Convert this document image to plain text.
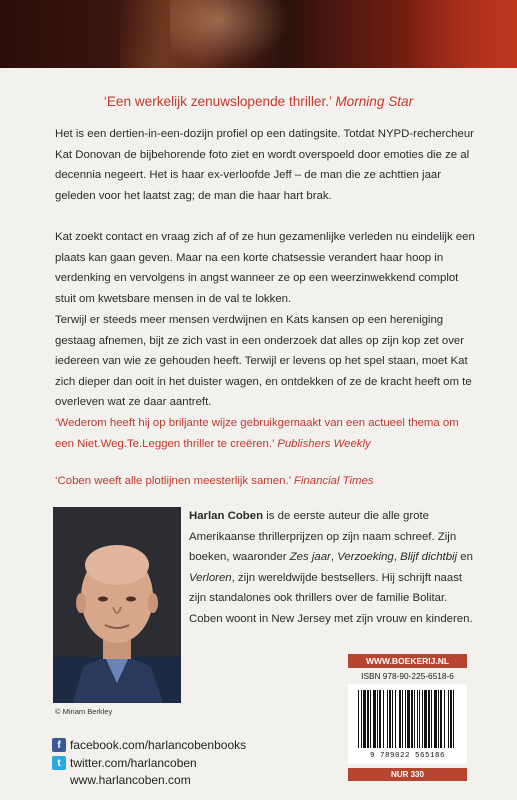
‘Een werkelijk zenuwslopende thriller.’ Morning Star

Het is een dertien-in-een-dozijn profiel op een datingsite. Totdat NYPD-rechercheur Kat Donovan de bijbehorende foto ziet en wordt overspoeld door emoties die ze al decennia negeert. Het is haar ex-verloofde Jeff – de man die ze achttien jaar geleden voor het laatst zag; de man die haar hart brak.

Kat zoekt contact en vraag zich af of ze hun gezamenlijke verleden nu eindelijk een plaats kan gaan geven. Maar na een korte chatsessie verandert haar hoop in verdenking en vervolgens in angst wanneer ze op een weerzinwekkend complot stuit om kwetsbare mensen in de val te lokken.

Terwijl er steeds meer mensen verdwijnen en Kats kansen op een hereniging gestaag afnemen, bijt ze zich vast in een onderzoek dat alles op zijn kop zet over iedereen van wie ze gehouden heeft. Terwijl er levens op het spel staan, moet Kat zich dieper dan ooit in het duister wagen, en ontdekken of ze de kracht heeft om te overleven wat ze daar aantreft.

‘Wederom heeft hij op briljante wijze gebruikgemaakt van een actueel thema om een Niet.Weg.Te.Leggen thriller te creëren.’ Publishers Weekly

‘Coben weeft alle plotlijnen meesterlijk samen.’ Financial Times

© Miriam Berkley

Harlan Coben is de eerste auteur die alle grote Amerikaanse thrillerprijzen op zijn naam schreef. Zijn boeken, waaronder Zes jaar, Verzoeking, Blijf dichtbij en Verloren, zijn wereldwijde bestsellers. Hij schrijft naast zijn standalones ook thrillers over de familie Bolitar. Coben woont in New Jersey met zijn vrouw en kinderen.

f facebook.com/harlancobenbooks
t twitter.com/harlancoben
www.harlancoben.com
WWW.BOEKERIJ.NL
ISBN 978-90-225-6518-6
9 789022 565186
NUR 330
